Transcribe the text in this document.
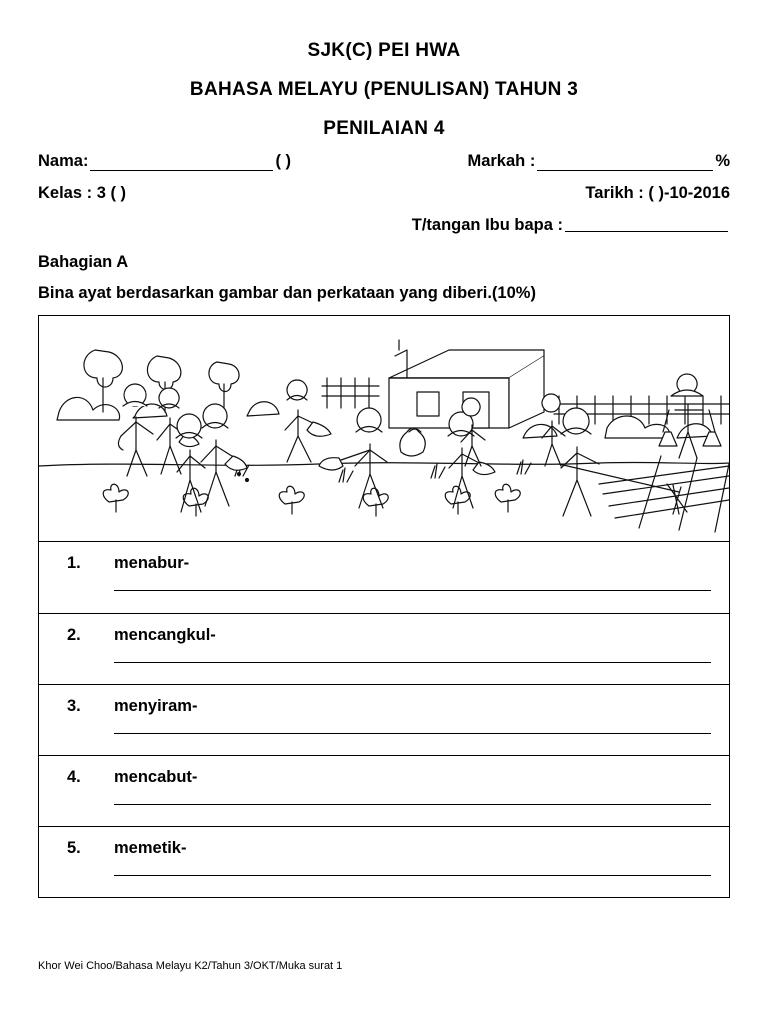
SJK(C) PEI HWA
BAHASA MELAYU (PENULISAN) TAHUN 3
PENILAIAN 4
Nama:	( )	Markah :	%
Kelas : 3 ( )	Tarikh : ( )-10-2016
T/tangan Ibu bapa :
Bahagian A
Bina ayat berdasarkan gambar dan perkataan yang diberi.(10%)
1. menabur-
2. mencangkul-
3. menyiram-
4. mencabut-
5. memetik-
Khor Wei Choo/Bahasa Melayu K2/Tahun 3/OKT/Muka surat 1
